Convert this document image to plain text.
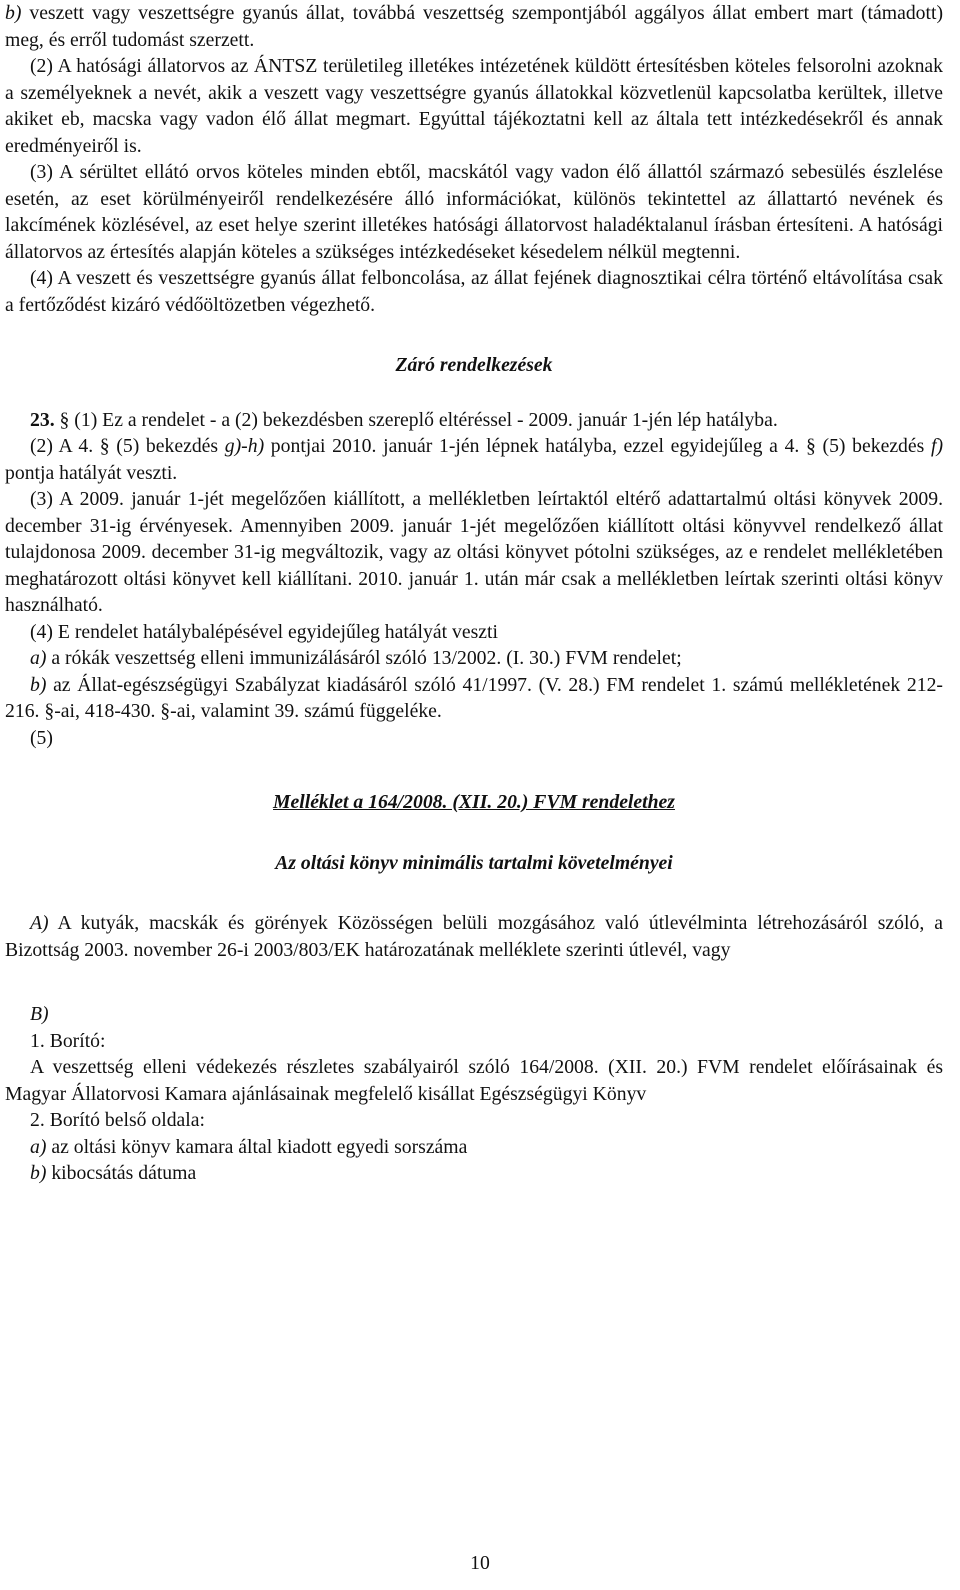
b) veszett vagy veszettségre gyanús állat, továbbá veszettség szempontjából aggályos állat embert mart (támadott) meg, és erről tudomást szerzett.

(2) A hatósági állatorvos az ÁNTSZ területileg illetékes intézetének küldött értesítésben köteles felsorolni azoknak a személyeknek a nevét, akik a veszett vagy veszettségre gyanús állatokkal közvetlenül kapcsolatba kerültek, illetve akiket eb, macska vagy vadon élő állat megmart. Egyúttal tájékoztatni kell az általa tett intézkedésekről és annak eredményeiről is.

(3) A sérültet ellátó orvos köteles minden ebtől, macskától vagy vadon élő állattól származó sebesülés észlelése esetén, az eset körülményeiről rendelkezésére álló információkat, különös tekintettel az állattartó nevének és lakcímének közlésével, az eset helye szerint illetékes hatósági állatorvost haladéktalanul írásban értesíteni. A hatósági állatorvos az értesítés alapján köteles a szükséges intézkedéseket késedelem nélkül megtenni.

(4) A veszett és veszettségre gyanús állat felboncolása, az állat fejének diagnosztikai célra történő eltávolítása csak a fertőződést kizáró védőöltözetben végezhető.

Záró rendelkezések

23. § (1) Ez a rendelet - a (2) bekezdésben szereplő eltéréssel - 2009. január 1-jén lép hatályba.

(2) A 4. § (5) bekezdés g)-h) pontjai 2010. január 1-jén lépnek hatályba, ezzel egyidejűleg a 4. § (5) bekezdés f) pontja hatályát veszti.

(3) A 2009. január 1-jét megelőzően kiállított, a mellékletben leírtaktól eltérő adattartalmú oltási könyvek 2009. december 31-ig érvényesek. Amennyiben 2009. január 1-jét megelőzően kiállított oltási könyvvel rendelkező állat tulajdonosa 2009. december 31-ig megváltozik, vagy az oltási könyvet pótolni szükséges, az e rendelet mellékletében meghatározott oltási könyvet kell kiállítani. 2010. január 1. után már csak a mellékletben leírtak szerinti oltási könyv használható.

(4) E rendelet hatálybalépésével egyidejűleg hatályát veszti

a) a rókák veszettség elleni immunizálásáról szóló 13/2002. (I. 30.) FVM rendelet;

b) az Állat-egészségügyi Szabályzat kiadásáról szóló 41/1997. (V. 28.) FM rendelet 1. számú mellékletének 212-216. §-ai, 418-430. §-ai, valamint 39. számú függeléke.

(5)

Melléklet a 164/2008. (XII. 20.) FVM rendelethez

Az oltási könyv minimális tartalmi követelményei

A) A kutyák, macskák és görények Közösségen belüli mozgásához való útlevélminta létrehozásáról szóló, a Bizottság 2003. november 26-i 2003/803/EK határozatának melléklete szerinti útlevél, vagy

B)

1. Borító:

A veszettség elleni védekezés részletes szabályairól szóló 164/2008. (XII. 20.) FVM rendelet előírásainak és Magyar Állatorvosi Kamara ajánlásainak megfelelő kisállat Egészségügyi Könyv

2. Borító belső oldala:

a) az oltási könyv kamara által kiadott egyedi sorszáma

b) kibocsátás dátuma

10
